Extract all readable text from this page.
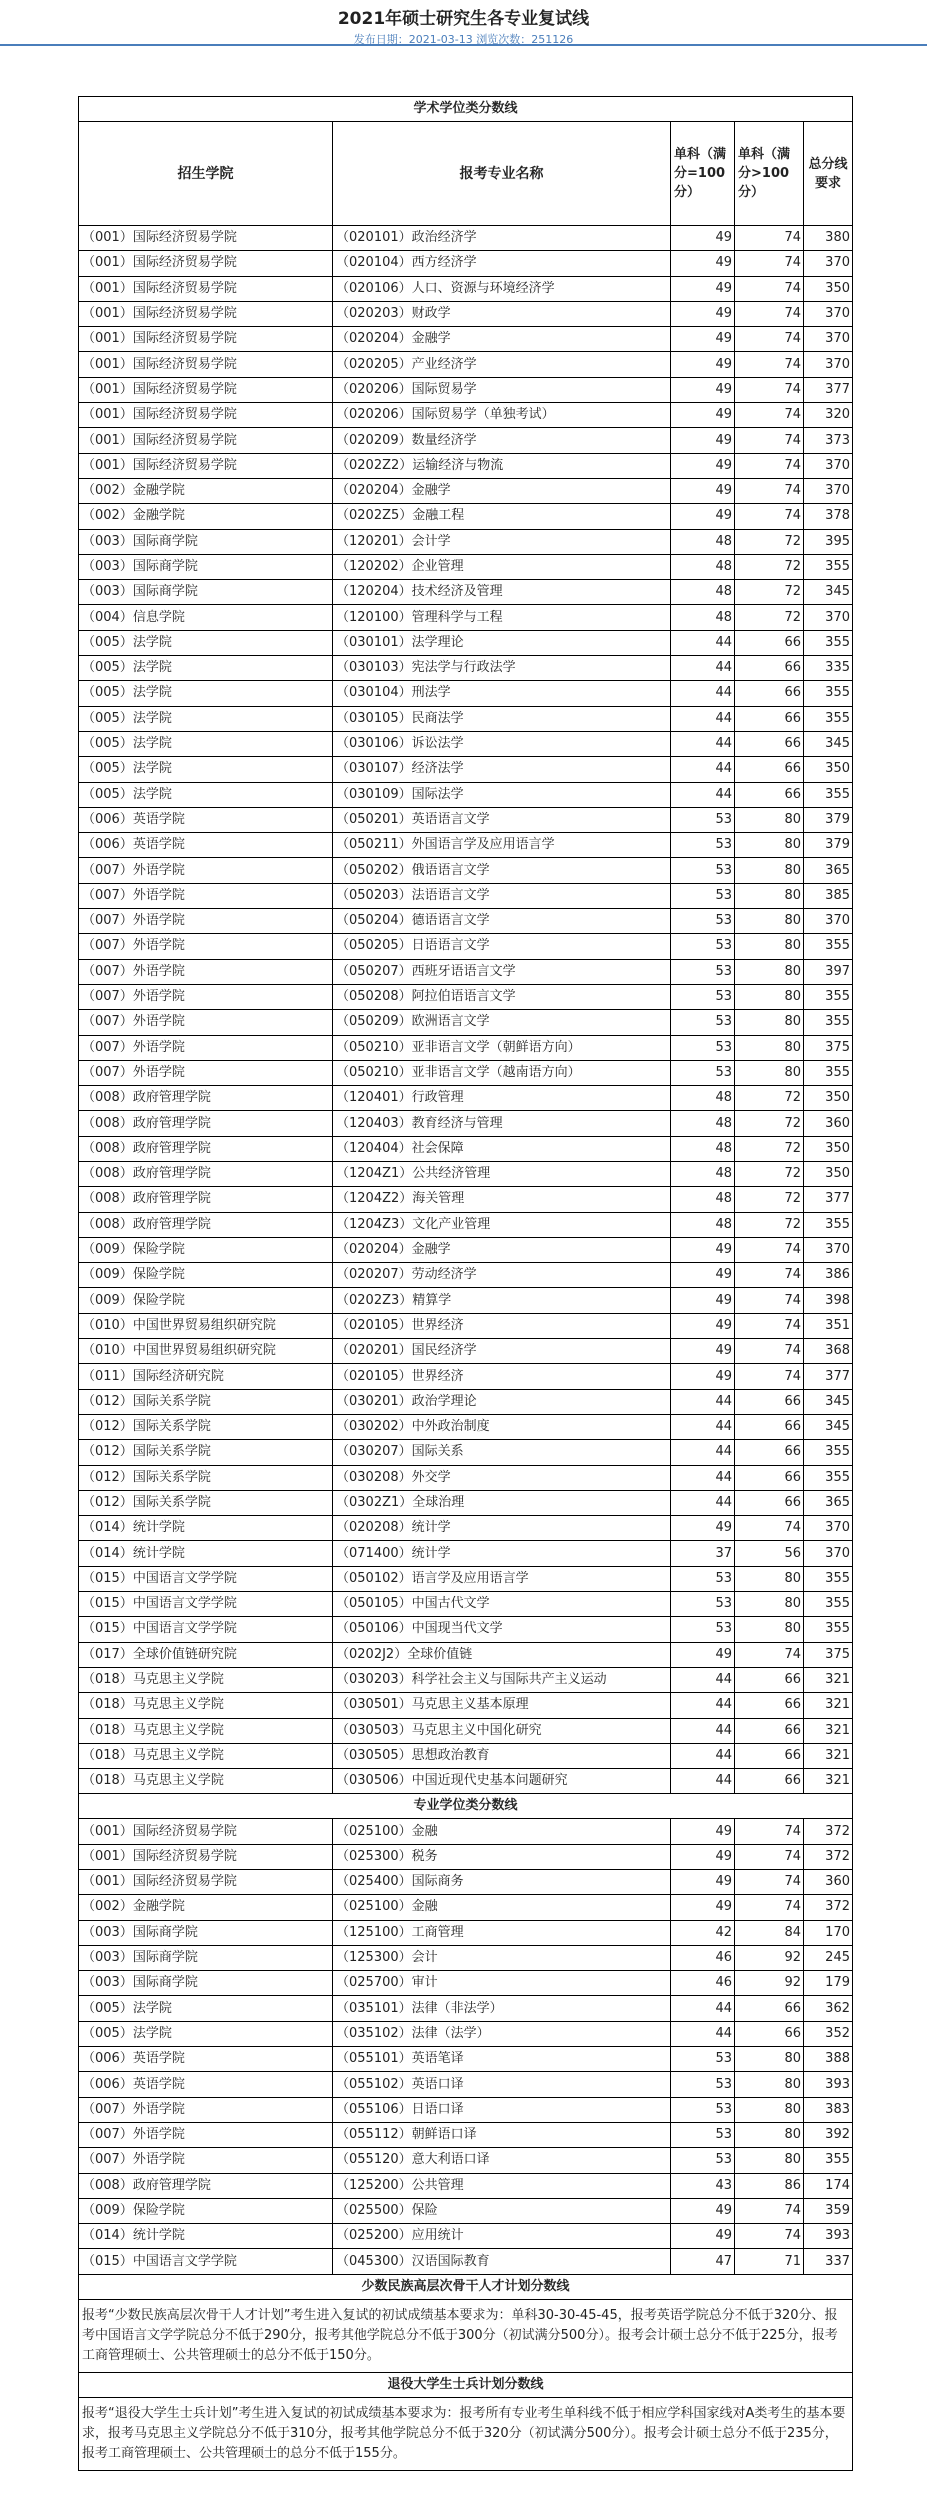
2021年硕士研究生各专业复试线
发布日期：2021-03-13 浏览次数：251126
学术学位类分数线				
招生学院	报考专业名称	单科（满分=100分）	单科（满分>100分）	总分线要求
（001）国际经济贸易学院	（020101）政治经济学	49	74	380
（001）国际经济贸易学院	（020104）西方经济学	49	74	370
（001）国际经济贸易学院	（020106）人口、资源与环境经济学	49	74	350
（001）国际经济贸易学院	（020203）财政学	49	74	370
（001）国际经济贸易学院	（020204）金融学	49	74	370
（001）国际经济贸易学院	（020205）产业经济学	49	74	370
（001）国际经济贸易学院	（020206）国际贸易学	49	74	377
（001）国际经济贸易学院	（020206）国际贸易学（单独考试）	49	74	320
（001）国际经济贸易学院	（020209）数量经济学	49	74	373
（001）国际经济贸易学院	（0202Z2）运输经济与物流	49	74	370
（002）金融学院	（020204）金融学	49	74	370
（002）金融学院	（0202Z5）金融工程	49	74	378
（003）国际商学院	（120201）会计学	48	72	395
（003）国际商学院	（120202）企业管理	48	72	355
（003）国际商学院	（120204）技术经济及管理	48	72	345
（004）信息学院	（120100）管理科学与工程	48	72	370
（005）法学院	（030101）法学理论	44	66	355
（005）法学院	（030103）宪法学与行政法学	44	66	335
（005）法学院	（030104）刑法学	44	66	355
（005）法学院	（030105）民商法学	44	66	355
（005）法学院	（030106）诉讼法学	44	66	345
（005）法学院	（030107）经济法学	44	66	350
（005）法学院	（030109）国际法学	44	66	355
（006）英语学院	（050201）英语语言文学	53	80	379
（006）英语学院	（050211）外国语言学及应用语言学	53	80	379
（007）外语学院	（050202）俄语语言文学	53	80	365
（007）外语学院	（050203）法语语言文学	53	80	385
（007）外语学院	（050204）德语语言文学	53	80	370
（007）外语学院	（050205）日语语言文学	53	80	355
（007）外语学院	（050207）西班牙语语言文学	53	80	397
（007）外语学院	（050208）阿拉伯语语言文学	53	80	355
（007）外语学院	（050209）欧洲语言文学	53	80	355
（007）外语学院	（050210）亚非语言文学（朝鲜语方向）	53	80	375
（007）外语学院	（050210）亚非语言文学（越南语方向）	53	80	355
（008）政府管理学院	（120401）行政管理	48	72	350
（008）政府管理学院	（120403）教育经济与管理	48	72	360
（008）政府管理学院	（120404）社会保障	48	72	350
（008）政府管理学院	（1204Z1）公共经济管理	48	72	350
（008）政府管理学院	（1204Z2）海关管理	48	72	377
（008）政府管理学院	（1204Z3）文化产业管理	48	72	355
（009）保险学院	（020204）金融学	49	74	370
（009）保险学院	（020207）劳动经济学	49	74	386
（009）保险学院	（0202Z3）精算学	49	74	398
（010）中国世界贸易组织研究院	（020105）世界经济	49	74	351
（010）中国世界贸易组织研究院	（020201）国民经济学	49	74	368
（011）国际经济研究院	（020105）世界经济	49	74	377
（012）国际关系学院	（030201）政治学理论	44	66	345
（012）国际关系学院	（030202）中外政治制度	44	66	345
（012）国际关系学院	（030207）国际关系	44	66	355
（012）国际关系学院	（030208）外交学	44	66	355
（012）国际关系学院	（0302Z1）全球治理	44	66	365
（014）统计学院	（020208）统计学	49	74	370
（014）统计学院	（071400）统计学	37	56	370
（015）中国语言文学学院	（050102）语言学及应用语言学	53	80	355
（015）中国语言文学学院	（050105）中国古代文学	53	80	355
（015）中国语言文学学院	（050106）中国现当代文学	53	80	355
（017）全球价值链研究院	（0202J2）全球价值链	49	74	375
（018）马克思主义学院	（030203）科学社会主义与国际共产主义运动	44	66	321
（018）马克思主义学院	（030501）马克思主义基本原理	44	66	321
（018）马克思主义学院	（030503）马克思主义中国化研究	44	66	321
（018）马克思主义学院	（030505）思想政治教育	44	66	321
（018）马克思主义学院	（030506）中国近现代史基本问题研究	44	66	321
专业学位类分数线				
（001）国际经济贸易学院	（025100）金融	49	74	372
（001）国际经济贸易学院	（025300）税务	49	74	372
（001）国际经济贸易学院	（025400）国际商务	49	74	360
（002）金融学院	（025100）金融	49	74	372
（003）国际商学院	（125100）工商管理	42	84	170
（003）国际商学院	（125300）会计	46	92	245
（003）国际商学院	（025700）审计	46	92	179
（005）法学院	（035101）法律（非法学）	44	66	362
（005）法学院	（035102）法律（法学）	44	66	352
（006）英语学院	（055101）英语笔译	53	80	388
（006）英语学院	（055102）英语口译	53	80	393
（007）外语学院	（055106）日语口译	53	80	383
（007）外语学院	（055112）朝鲜语口译	53	80	392
（007）外语学院	（055120）意大利语口译	53	80	355
（008）政府管理学院	（125200）公共管理	43	86	174
（009）保险学院	（025500）保险	49	74	359
（014）统计学院	（025200）应用统计	49	74	393
（015）中国语言文学学院	（045300）汉语国际教育	47	71	337
少数民族高层次骨干人才计划分数线				
报考“少数民族高层次骨干人才计划”考生进入复试的初试成绩基本要求为：单科30-30-45-45，报考英语学院总分不低于320分、报考中国语言文学学院总分不低于290分，报考其他学院总分不低于300分（初试满分500分）。报考会计硕士总分不低于225分，报考工商管理硕士、公共管理硕士的总分不低于150分。				
退役大学生士兵计划分数线				
报考“退役大学生士兵计划”考生进入复试的初试成绩基本要求为：报考所有专业考生单科线不低于相应学科国家线对A类考生的基本要求，报考马克思主义学院总分不低于310分，报考其他学院总分不低于320分（初试满分500分）。报考会计硕士总分不低于235分，报考工商管理硕士、公共管理硕士的总分不低于155分。				
